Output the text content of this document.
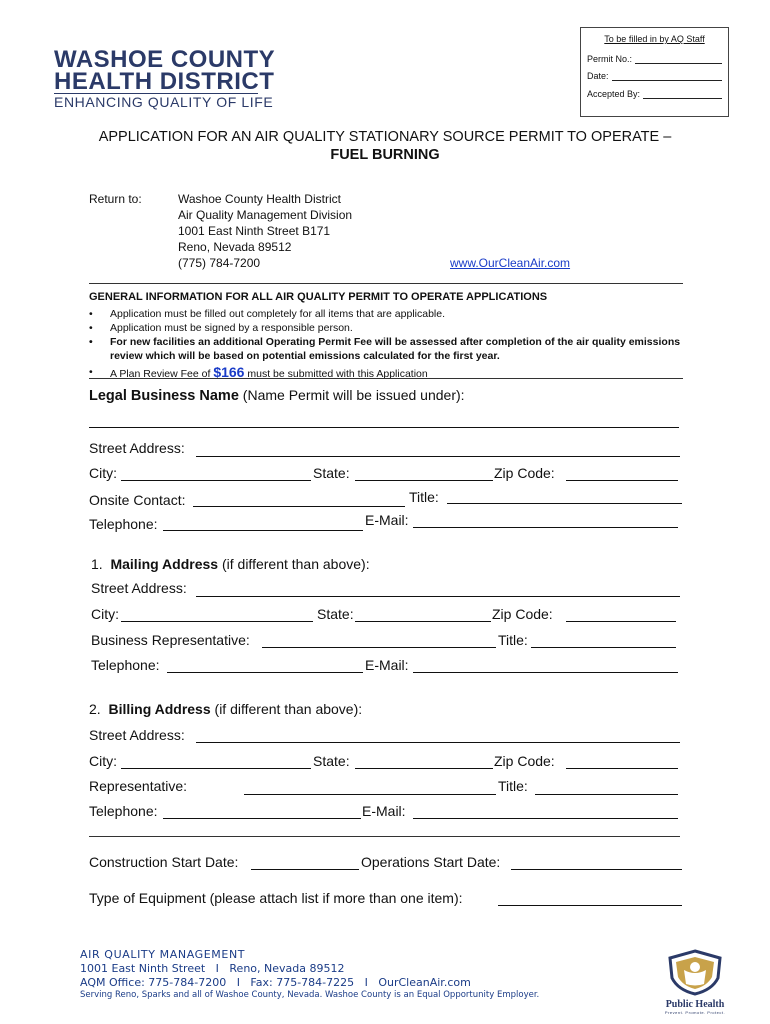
WASHOE COUNTY
HEALTH DISTRICT
ENHANCING QUALITY OF LIFE
To be filled in by AQ Staff
Permit No.:
Date:
Accepted By:
APPLICATION FOR AN AIR QUALITY STATIONARY SOURCE PERMIT TO OPERATE –
FUEL BURNING
Return to:	Washoe County Health District
Air Quality Management Division
1001 East Ninth Street B171
Reno, Nevada 89512
(775) 784-7200	www.OurCleanAir.com
GENERAL INFORMATION FOR ALL AIR QUALITY PERMIT TO OPERATE APPLICATIONS
• Application must be filled out completely for all items that are applicable.
• Application must be signed by a responsible person.
• For new facilities an additional Operating Permit Fee will be assessed after completion of the air quality emissions review which will be based on potential emissions calculated for the first year.
• A Plan Review Fee of $166 must be submitted with this Application
Legal Business Name (Name Permit will be issued under):
Street Address:
City:	State:	Zip Code:
Onsite Contact:	Title:
Telephone:	E-Mail:
1. Mailing Address (if different than above):
Street Address:
City:	State:	Zip Code:
Business Representative:	Title:
Telephone:	E-Mail:
2. Billing Address (if different than above):
Street Address:
City:	State:	Zip Code:
Representative:	Title:
Telephone:	E-Mail:
Construction Start Date:	Operations Start Date:
Type of Equipment (please attach list if more than one item):
AIR QUALITY MANAGEMENT
1001 East Ninth Street   I   Reno, Nevada 89512
AQM Office: 775-784-7200   I   Fax: 775-784-7225   I   OurCleanAir.com
Serving Reno, Sparks and all of Washoe County, Nevada. Washoe County is an Equal Opportunity Employer.
Public Health
Prevent. Promote. Protect.
